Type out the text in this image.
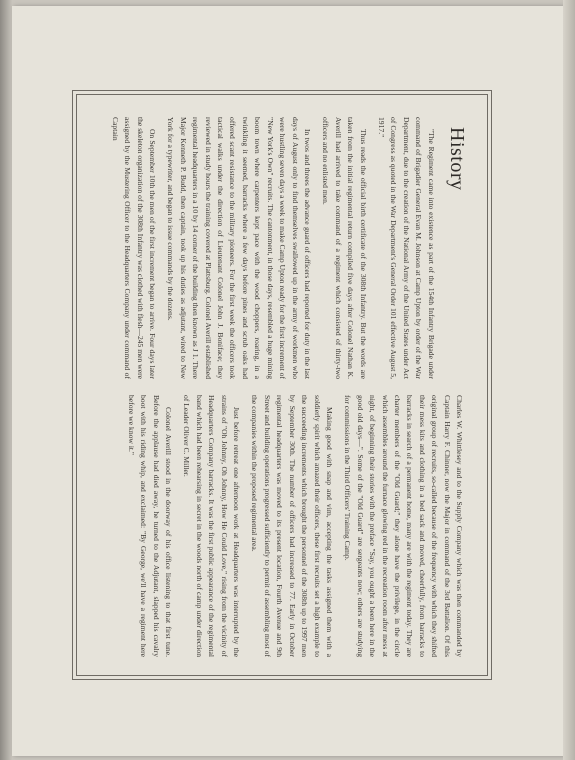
History

"The Regiment came into existence as part of the 154th Infantry Brigade under command of Brigadier General Evan M. Johnson at Camp Upton by order of the War Department, due to the creation of the National Army of the United States under Act of Congress as quoted in the War Department's General Order 101 effective August 5, 1917."

Thus reads the official birth certificate of the 308th Infantry. But the words are taken from the initial regimental return compiled five days after Colonel Nathan K. Averill had arrived to take command of a regiment which consisted of thirty-two officers and no enlisted men.

In twos and threes the advance guard of officers had reported for duty in the last days of August only to find themselves swallowed up in the army of workmen who were hustling seven days a week to make Camp Upton ready for the first increment of "New York's Own" recruits. The cantonment, in those days, resembled a huge mining boom town where carpenters kept pace with the wood choppers, roaring, in a twinkling it seemed, barracks where a few days before pines and scrub oaks had offered scant resistance to the military pioneers. For the first week the officers took tactical walks under the direction of Lieutenant Colonel John J. Boniface; they reviewed in study hours the training covered at Plattsburg. Colonel Averill established regimental headquarters in a 10 by 14 corner of the building then known as J 1. There Major Kenneth P. Budd, then captain, took up his duties as adjutant, wired to New York for a typewriter, and began to issue commands by the dozens.

On September 10th the men of the first increment began to arrive. Four days later the skeleton organization of the 308th Infantry was clothed with flesh—245 men were assigned by the Mustering Officer to the Headquarters Company under command of Captain

Charles W. Whittlesey and to the Supply Company which was then commanded by Captain Harry F. Chinner, now the Major in command of the 3rd Battalion. Of this original group of recruits, so-called because of the frequency with which they shifted their mess kits and clothing in a bed sack and moved, cheerfully, from barracks to barracks in search of a permanent home, many are with the regiment today. They are charter members of the "Old Guard;" they alone have the privilege, in the circle which assembles around the furnace glowing red in the recreation room after mess at night, of beginning their stories with the preface "Say, you ought a been here in the good old days—". Some of the "Old Guard" are sergeants now; others are studying for commissions in the Third Officers' Training Camp.

Making good with snap and vim, accepting the tasks assigned them with a soldierly spirit which amazed their officers, these first recruits set a high example to the succeeding increments which brought the personnel of the 308th up to 1997 men by September 30th. The number of officers had increased to 77. Early in October regimental headquarters was moved to its present location, Fourth Avenue and 9th Street and building operations progressed sufficiently to permit of assembling most of the companies within the proposed regimental area.

Just before retreat one afternoon work at Headquarters was interrupted by the strains of "Oh Johnny, Oh Johnny, How He Could Love," rising from the vicinity of Headquarters Company barracks. It was the first public appearance of the regimental band which had been rehearsing in secret in the woods north of camp under direction of Leader Oliver C. Miller.

Colonel Averill stood in the doorway of his office listening to that first tune. Before the applause had died away, he turned to the Adjutant, slapped his cavalry boot with his riding whip, and exclaimed: "By George, we'll have a regiment here before we know it."
